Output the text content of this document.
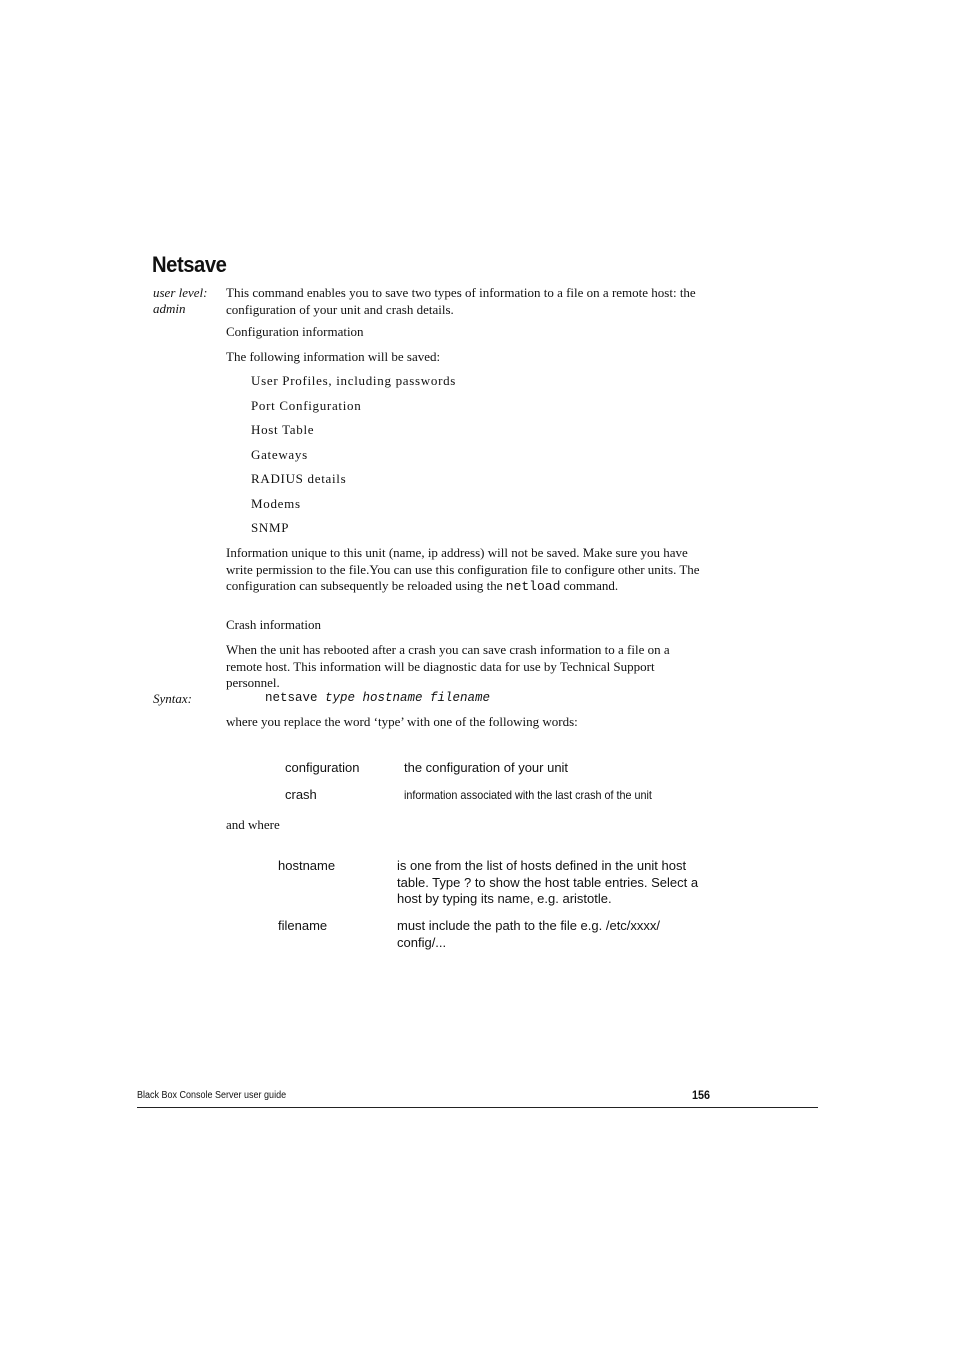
Netsave
user level:
admin

This command enables you to save two types of information to a file on a remote host: the configuration of your unit and crash details.

Configuration information

The following information will be saved:

User Profiles, including passwords
Port Configuration
Host Table
Gateways
RADIUS details
Modems
SNMP

Information unique to this unit (name, ip address) will not be saved. Make sure you have write permission to the file.You can use this configuration file to configure other units. The configuration can subsequently be reloaded using the netload command.

Crash information

When the unit has rebooted after a crash you can save crash information to a file on a remote host. This information will be diagnostic data for use by Technical Support personnel.

Syntax:	netsave type hostname filename

where you replace the word ‘type’ with one of the following words:

configuration	the configuration of your unit
crash	information associated with the last crash of the unit

and where

hostname	is one from the list of hosts defined in the unit host table. Type ? to show the host table entries. Select a host by typing its name, e.g. aristotle.
filename	must include the path to the file e.g. /etc/xxxx/ config/...
Black Box Console Server user guide	156
